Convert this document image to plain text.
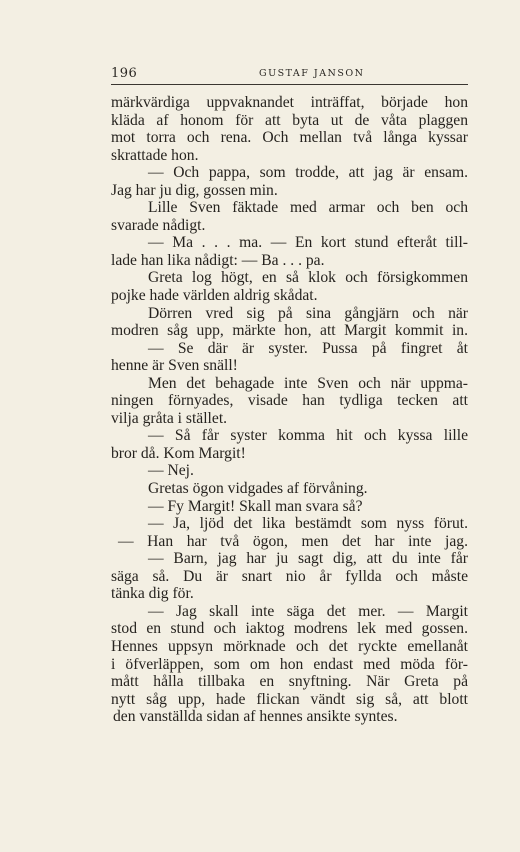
196	GUSTAF JANSON
märkvärdiga uppvaknandet inträffat, började hon
kläda af honom för att byta ut de våta plaggen
mot torra och rena. Och mellan två långa kyssar
skrattade hon.
— Och pappa, som trodde, att jag är ensam.
Jag har ju dig, gossen min.
Lille Sven fäktade med armar och ben och
svarade nådigt.
— Ma . . . ma. — En kort stund efteråt till-
lade han lika nådigt: — Ba . . . pa.
Greta log högt, en så klok och försigkommen
pojke hade världen aldrig skådat.
Dörren vred sig på sina gångjärn och när
modren såg upp, märkte hon, att Margit kommit in.
— Se där är syster. Pussa på fingret åt
henne är Sven snäll!
Men det behagade inte Sven och när uppma-
ningen förnyades, visade han tydliga tecken att
vilja gråta i stället.
— Så får syster komma hit och kyssa lille
bror då. Kom Margit!
— Nej.
Gretas ögon vidgades af förvåning.
— Fy Margit! Skall man svara så?
— Ja, ljöd det lika bestämdt som nyss förut.
— Han har två ögon, men det har inte jag.
— Barn, jag har ju sagt dig, att du inte får
säga så. Du är snart nio år fyllda och måste
tänka dig för.
— Jag skall inte säga det mer. — Margit
stod en stund och iaktog modrens lek med gossen.
Hennes uppsyn mörknade och det ryckte emellanåt
i öfverläppen, som om hon endast med möda för-
mått hålla tillbaka en snyftning. När Greta på
nytt såg upp, hade flickan vändt sig så, att blott
den vanställda sidan af hennes ansikte syntes.
